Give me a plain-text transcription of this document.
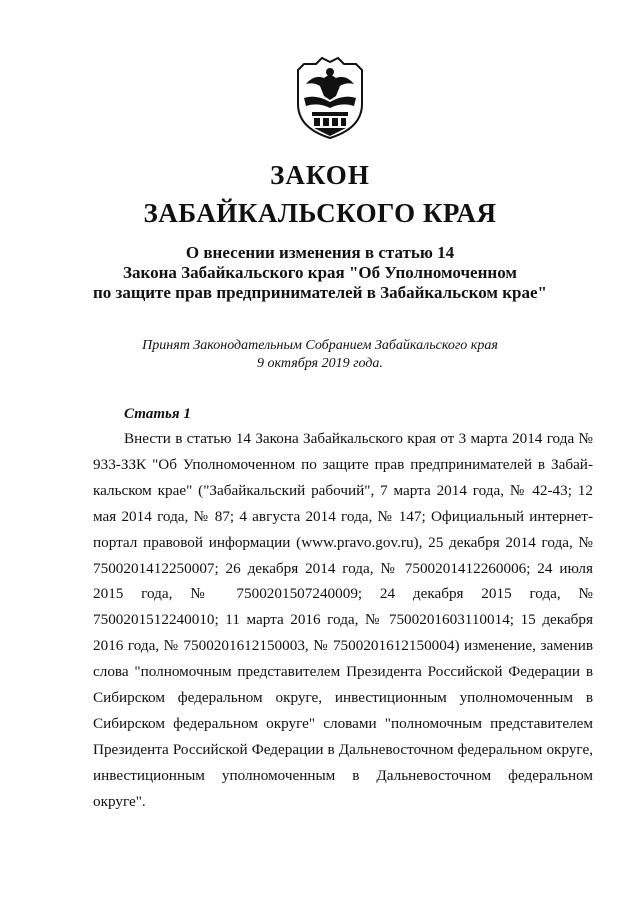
ЗАКОН
ЗАБАЙКАЛЬСКОГО КРАЯ
О внесении изменения в статью 14
Закона Забайкальского края "Об Уполномоченном
по защите прав предпринимателей в Забайкальском крае"
Принят Законодательным Собранием Забайкальского края
9 октября 2019 года.
Статья 1
Внести в статью 14 Закона Забайкальского края от 3 марта 2014 года № 933-ЗЗК "Об Уполномоченном по защите прав предпринимателей в Забайкальском крае" ("Забайкальский рабочий", 7 марта 2014 года, № 42-43; 12 мая 2014 года, № 87; 4 августа 2014 года, № 147; Официальный интернет-портал правовой информации (www.pravo.gov.ru), 25 декабря 2014 года, № 7500201412250007; 26 декабря 2014 года, № 7500201412260006; 24 июля 2015 года, № 7500201507240009; 24 декабря 2015 года, № 7500201512240010; 11 марта 2016 года, № 7500201603110014; 15 декабря 2016 года, № 7500201612150003, № 7500201612150004) изменение, заменив слова "полномочным представителем Президента Российской Федерации в Сибирском федеральном округе, инвестиционным уполномоченным в Сибирском федеральном округе" словами "полномочным представителем Президента Российской Федерации в Дальневосточном федеральном округе, инвестиционным уполномоченным в Дальневосточном федеральном округе".
